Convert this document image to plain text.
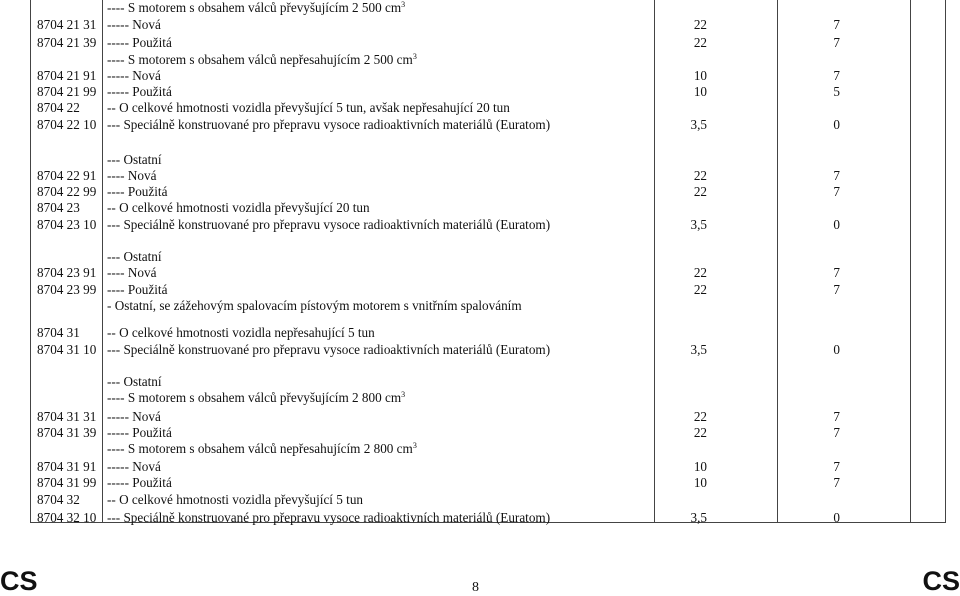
---- S motorem s obsahem válců převyšujícím 2 500 $cm^3$
8704 21 31 ----- Nová	22	7
8704 21 39 ----- Použitá	22	7
---- S motorem s obsahem válců nepřesahujícím 2 500 $cm^3$
8704 21 91 ----- Nová	10	7
8704 21 99 ----- Použitá	10	5
8704 22 -- O celkové hmotnosti vozidla převyšující 5 tun, avšak nepřesahující 20 tun
8704 22 10 --- Speciálně konstruované pro přepravu vysoce radioaktivních materiálů (Euratom)	3,5	0
--- Ostatní
8704 22 91 ---- Nová	22	7
8704 22 99 ---- Použitá	22	7
8704 23 -- O celkové hmotnosti vozidla převyšující 20 tun
8704 23 10 --- Speciálně konstruované pro přepravu vysoce radioaktivních materiálů (Euratom)	3,5	0
--- Ostatní
8704 23 91 ---- Nová	22	7
8704 23 99 ---- Použitá	22	7
- Ostatní, se zážehovým spalovacím pístovým motorem s vnitřním spalováním
8704 31 -- O celkové hmotnosti vozidla nepřesahující 5 tun
8704 31 10 --- Speciálně konstruované pro přepravu vysoce radioaktivních materiálů (Euratom)	3,5	0
--- Ostatní
---- S motorem s obsahem válců převyšujícím 2 800 $cm^3$
8704 31 31 ----- Nová	22	7
8704 31 39 ----- Použitá	22	7
---- S motorem s obsahem válců nepřesahujícím 2 800 $cm^3$
8704 31 91 ----- Nová	10	7
8704 31 99 ----- Použitá	10	7
8704 32 -- O celkové hmotnosti vozidla převyšující 5 tun
8704 32 10 --- Speciálně konstruované pro přepravu vysoce radioaktivních materiálů (Euratom)	3,5	0
CS	8	CS
